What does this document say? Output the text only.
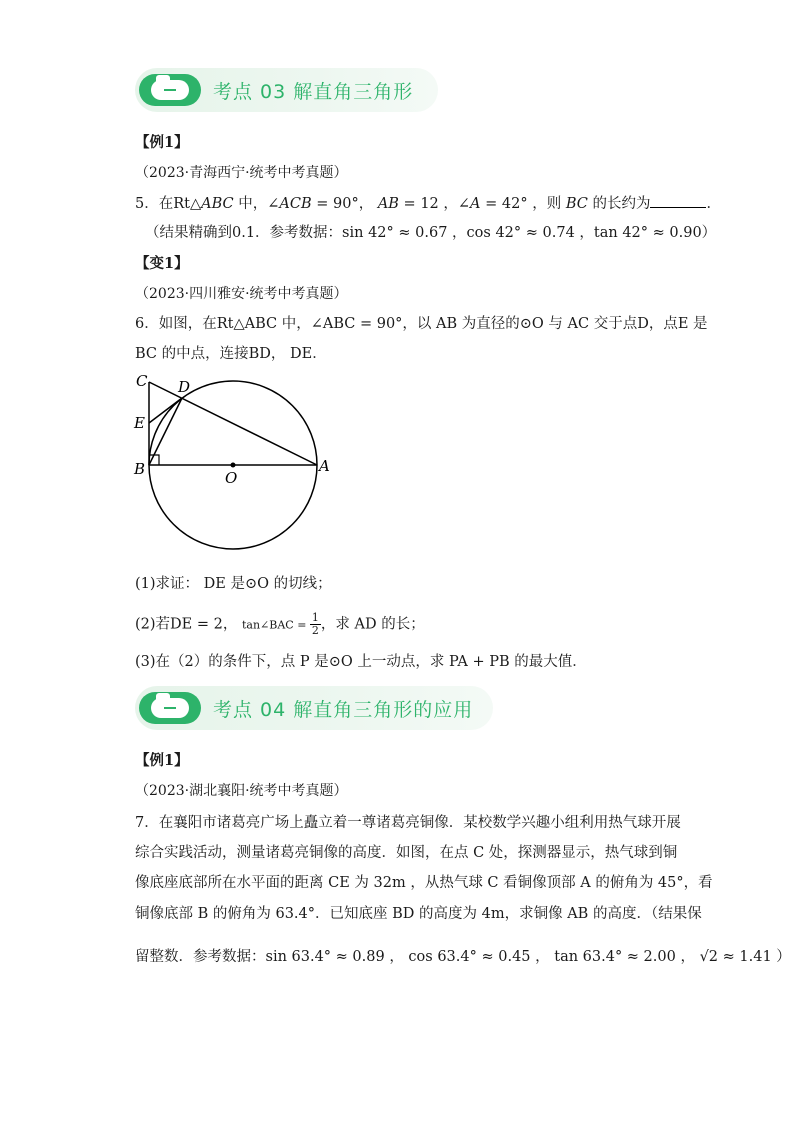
考点 03 解直角三角形
【例1】
（2023·青海西宁·统考中考真题）
5．在Rt△ABC 中，∠ACB = 90°， AB = 12 ，∠A = 42° ，则 BC 的长约为	．
（结果精确到0.1．参考数据：sin 42° ≈ 0.67 ，cos 42° ≈ 0.74 ，tan 42° ≈ 0.90）
【变1】
（2023·四川雅安·统考中考真题）
6．如图，在Rt△ABC 中，∠ABC = 90°，以 AB 为直径的⊙O 与 AC 交于点D，点E 是
BC 的中点，连接BD， DE．
C D
E
B	O
A
(1)求证： DE 是⊙O 的切线；
(2)若DE = 2， tan∠BAC = $\frac{1}{2}$ ，求 AD 的长；
(3)在（2）的条件下，点 P 是⊙O 上一动点，求 PA + PB 的最大值．
考点 04 解直角三角形的应用
【例1】
（2023·湖北襄阳·统考中考真题）
7．在襄阳市诸葛亮广场上矗立着一尊诸葛亮铜像．某校数学兴趣小组利用热气球开展
综合实践活动，测量诸葛亮铜像的高度．如图，在点 C 处，探测器显示，热气球到铜
像底座底部所在水平面的距离 CE 为 32m ，从热气球 C 看铜像顶部 A 的俯角为 45°，看
铜像底部 B 的俯角为 63.4°．已知底座 BD 的高度为 4m，求铜像 AB 的高度．（结果保
留整数．参考数据：sin 63.4° ≈ 0.89 ， cos 63.4° ≈ 0.45 ， tan 63.4° ≈ 2.00 ， √2 ≈ 1.41 ）
